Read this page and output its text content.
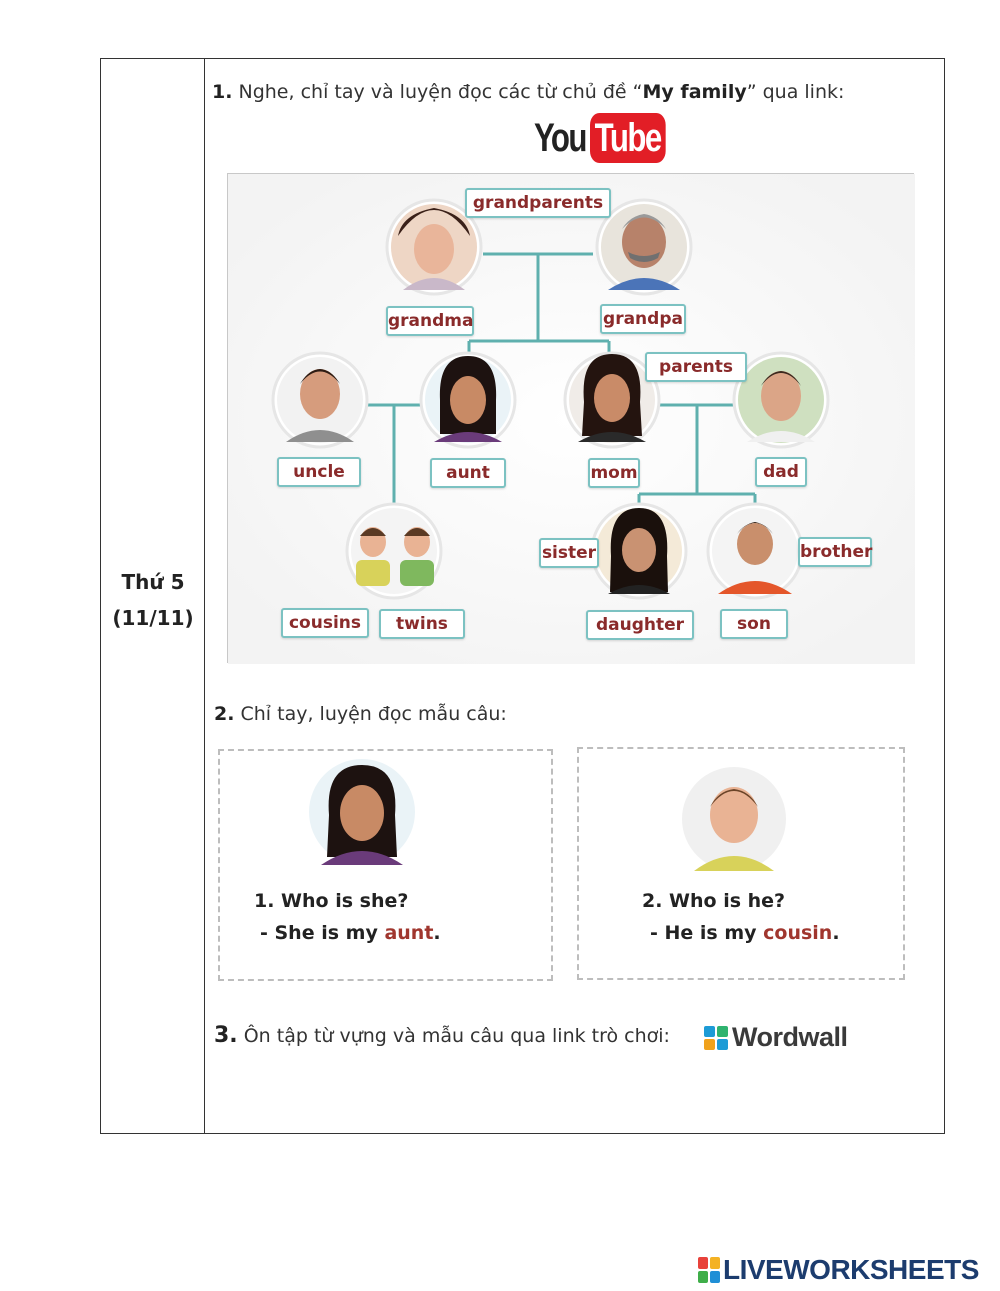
Thứ 5
(11/11)
1. Nghe, chỉ tay và luyện đọc các từ chủ đề “My family” qua link:
You Tube
grandparents
grandma	grandpa
parents
uncle	aunt	mom	dad
sister	brother
cousins	twins	daughter	son
2. Chỉ tay, luyện đọc mẫu câu:
1. Who is she?
- She is my aunt.
2. Who is he?
- He is my cousin.
3. Ôn tập từ vựng và mẫu câu qua link trò chơi: Wordwall
LIVEWORKSHEETS
